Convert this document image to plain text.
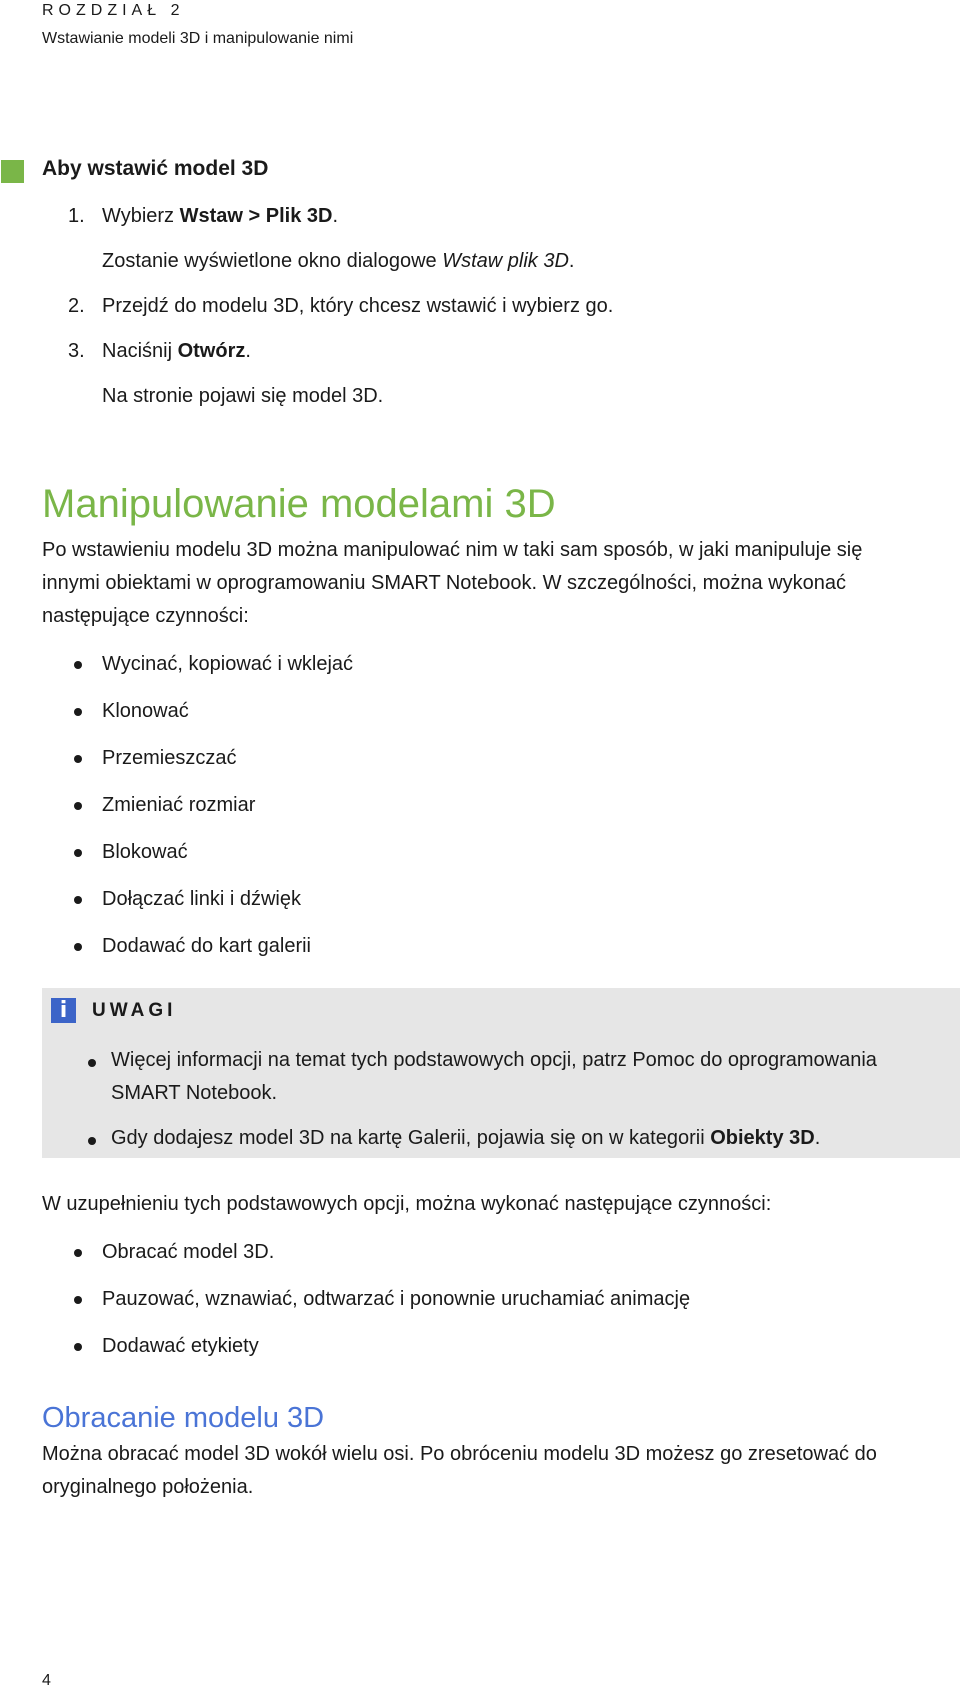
ROZDZIAŁ 2
Wstawianie modeli 3D i manipulowanie nimi
Aby wstawić model 3D
1. Wybierz Wstaw > Plik 3D.
Zostanie wyświetlone okno dialogowe Wstaw plik 3D.
2. Przejdź do modelu 3D, który chcesz wstawić i wybierz go.
3. Naciśnij Otwórz.
Na stronie pojawi się model 3D.
Manipulowanie modelami 3D

Po wstawieniu modelu 3D można manipulować nim w taki sam sposób, w jaki manipuluje się innymi obiektami w oprogramowaniu SMART Notebook. W szczególności, można wykonać następujące czynności:

Wycinać, kopiować i wklejać
Klonować
Przemieszczać
Zmieniać rozmiar
Blokować
Dołączać linki i dźwięk
Dodawać do kart galerii
i	UWAGI
Więcej informacji na temat tych podstawowych opcji, patrz Pomoc do oprogramowania SMART Notebook.
Gdy dodajesz model 3D na kartę Galerii, pojawia się on w kategorii Obiekty 3D.

W uzupełnieniu tych podstawowych opcji, można wykonać następujące czynności:

Obracać model 3D.
Pauzować, wznawiać, odtwarzać i ponownie uruchamiać animację
Dodawać etykiety
Obracanie modelu 3D

Można obracać model 3D wokół wielu osi. Po obróceniu modelu 3D możesz go zresetować do oryginalnego położenia.

4
